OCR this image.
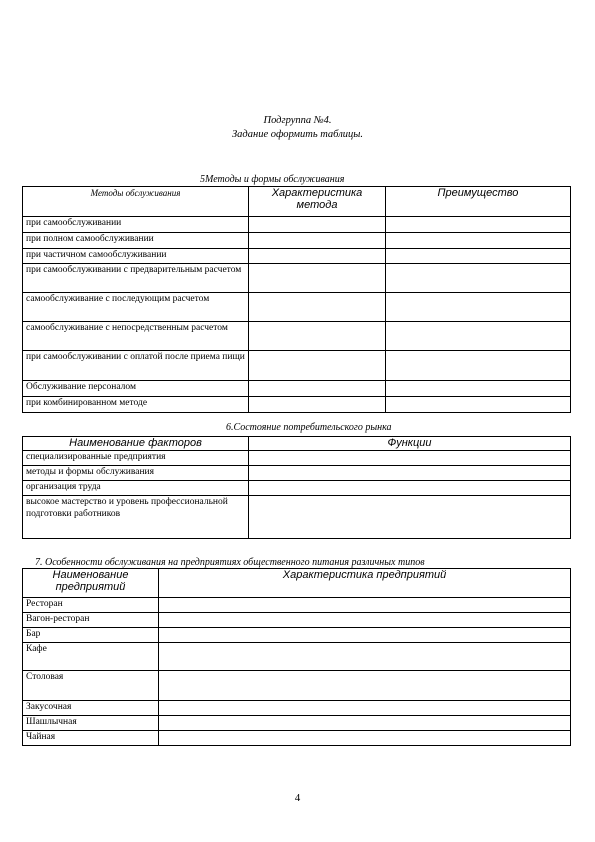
Подгруппа №4.
Задание оформить таблицы.
5Методы и формы обслуживания
Методы обслуживания	Характеристика метода	Преимущество
при самообслуживании		
при полном самообслуживании		
при частичном самообслуживании		
при самообслуживании с предварительным расчетом		
самообслуживание с последующим расчетом		
самообслуживание с непосредственным расчетом		
при самообслуживании с оплатой после приема пищи		
Обслуживание персоналом		
при комбинированном методе		
6.Состояние потребительского рынка
Наименование факторов	Функции
специализированные предприятия	
методы и формы обслуживания	
организация труда	
высокое мастерство и уровень профессиональной подготовки работников	
7. Особенности обслуживания на предприятиях общественного питания различных типов
Наименование предприятий	Характеристика предприятий
Ресторан	
Вагон-ресторан	
Бар	
Кафе	
Столовая	
Закусочная	
Шашлычная	
Чайная	
4
